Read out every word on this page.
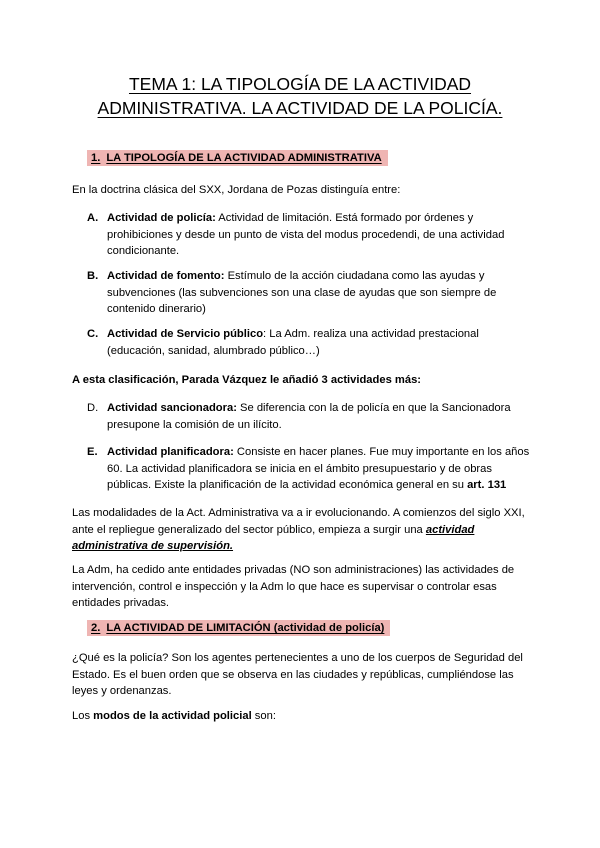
TEMA 1: LA TIPOLOGÍA DE LA ACTIVIDAD
ADMINISTRATIVA. LA ACTIVIDAD DE LA POLICÍA.
1. LA TIPOLOGÍA DE LA ACTIVIDAD ADMINISTRATIVA
En la doctrina clásica del SXX, Jordana de Pozas distinguía entre:
A. Actividad de policía: Actividad de limitación. Está formado por órdenes y
prohibiciones y desde un punto de vista del modus procedendi, de una actividad
condicionante.
B. Actividad de fomento: Estímulo de la acción ciudadana como las ayudas y
subvenciones (las subvenciones son una clase de ayudas que son siempre de
contenido dinerario)
C. Actividad de Servicio público: La Adm. realiza una actividad prestacional
(educación, sanidad, alumbrado público…)
A esta clasificación, Parada Vázquez le añadió 3 actividades más:
D. Actividad sancionadora: Se diferencia con la de policía en que la Sancionadora
presupone la comisión de un ilícito.
E. Actividad planificadora: Consiste en hacer planes. Fue muy importante en los años
60. La actividad planificadora se inicia en el ámbito presupuestario y de obras
públicas. Existe la planificación de la actividad económica general en su art. 131
Las modalidades de la Act. Administrativa va a ir evolucionando. A comienzos del siglo XXI,
ante el repliegue generalizado del sector público, empieza a surgir una actividad
administrativa de supervisión.
La Adm, ha cedido ante entidades privadas (NO son administraciones) las actividades de
intervención, control e inspección y la Adm lo que hace es supervisar o controlar esas
entidades privadas.
2. LA ACTIVIDAD DE LIMITACIÓN (actividad de policía)
¿Qué es la policía? Son los agentes pertenecientes a uno de los cuerpos de Seguridad del
Estado. Es el buen orden que se observa en las ciudades y repúblicas, cumpliéndose las
leyes y ordenanzas.
Los modos de la actividad policial son:
